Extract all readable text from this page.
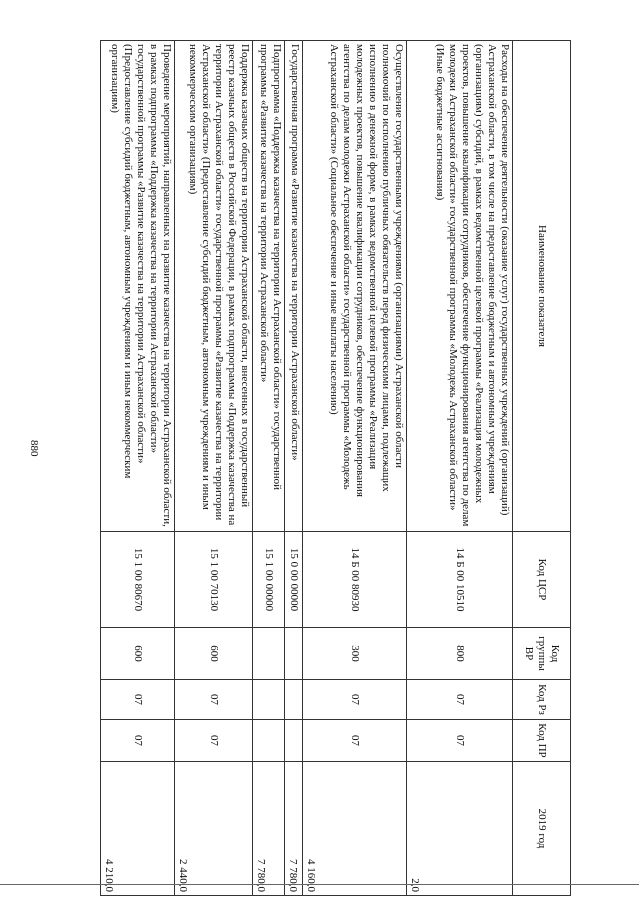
880
Наименование показателя	Код ЦСР	Код группы ВР	Код Рз	Код ПР	2019 год
Расходы на обеспечение деятельности (оказание услуг) государственных учреждений (организаций) Астраханской области, в том числе на предоставление бюджетным и автономным учреждениям (организациям) субсидий, в рамках ведомственной целевой программы «Реализация молодежных проектов, повышение квалификации сотрудников, обеспечение функционирования агентства по делам молодежи Астраханской области» государственной программы «Молодежь Астраханской области» (Иные бюджетные ассигнования)	14 Б 00 10510	800	07	07	2,0
Осуществление государственными учреждениями (организациями) Астраханской области полномочий по исполнению публичных обязательств перед физическими лицами, подлежащих исполнению в денежной форме, в рамках ведомственной целевой программы «Реализация молодежных проектов, повышение квалификации сотрудников, обеспечение функционирования агентства по делам молодежи Астраханской области» государственной программы «Молодежь Астраханской области» (Социальное обеспечение и иные выплаты населению)	14 Б 00 80930	300	07	07	4 160,0
Государственная программа «Развитие казачества на территории Астраханской области»	15 0 00 00000				7 780,0
Подпрограмма «Поддержка казачества на территории Астраханской области» государственной программы «Развитие казачества на территории Астраханской области»	15 1 00 00000				7 780,0
Поддержка казачьих обществ на территории Астраханской области, внесенных в государственный реестр казачьих обществ в Российской Федерации, в рамках подпрограммы «Поддержка казачества на территории Астраханской области» государственной программы «Развитие казачества на территории Астраханской области» (Предоставление субсидий бюджетным, автономным учреждениям и иным некоммерческим организациям)	15 1 00 70130	600	07	07	2 440,0
Проведение мероприятий, направленных на развитие казачества на территории Астраханской области, в рамках подпрограммы «Поддержка казачества на территории Астраханской области» государственной программы «Развитие казачества на территории Астраханской области» (Предоставление субсидий бюджетным, автономным учреждениям и иным некоммерческим организациям)	15 1 00 80670	600	07	07	4 210,0
